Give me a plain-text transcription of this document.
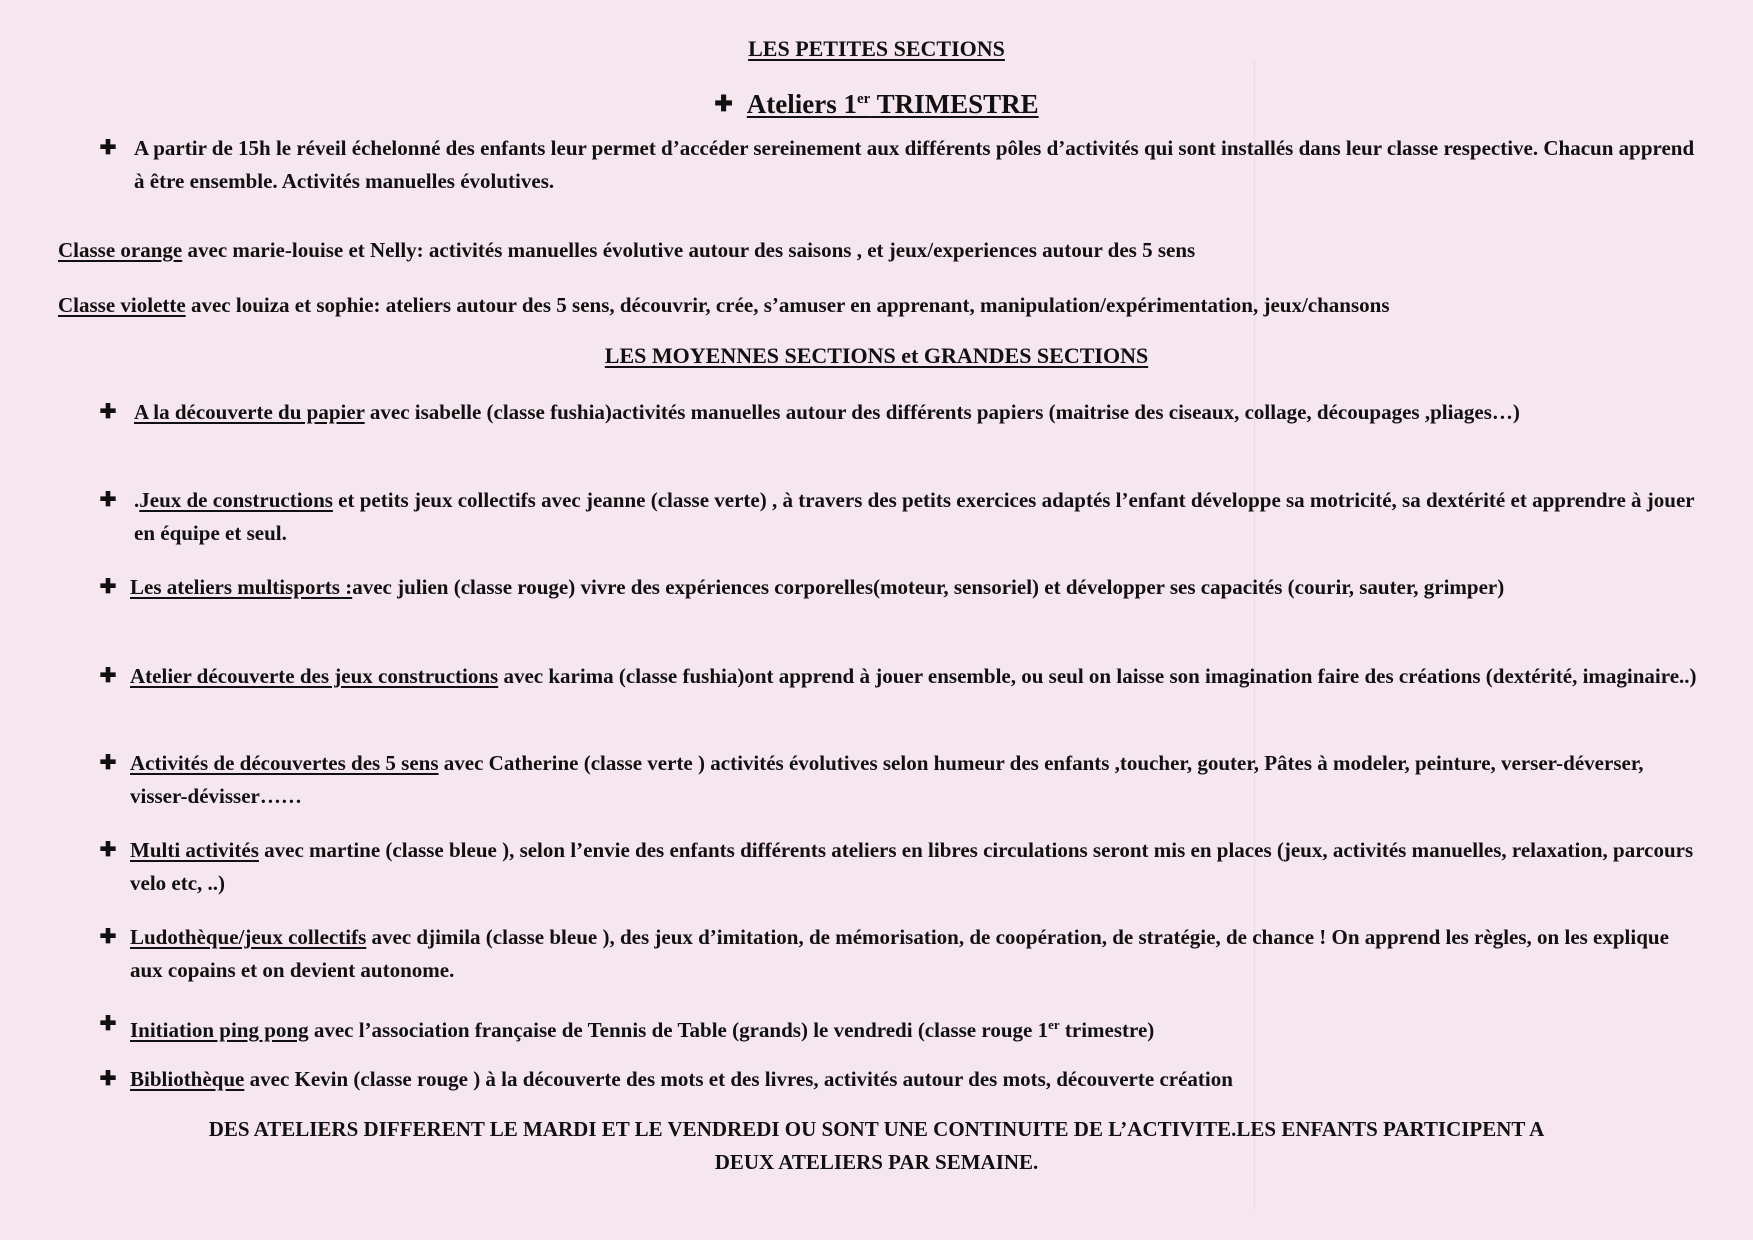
LES PETITES SECTIONS
✚ Ateliers 1er TRIMESTRE
✚ A partir de 15h le réveil échelonné des enfants leur permet d’accéder sereinement aux différents pôles d’activités qui sont installés dans leur classe respective. Chacun apprend à être ensemble. Activités manuelles évolutives.
Classe orange avec marie-louise et Nelly: activités manuelles évolutive autour des saisons , et jeux/experiences autour des 5 sens
Classe violette avec louiza et sophie: ateliers autour des 5 sens, découvrir, crée, s’amuser en apprenant, manipulation/expérimentation, jeux/chansons
LES MOYENNES SECTIONS et GRANDES SECTIONS
✚ A la découverte du papier avec isabelle (classe fushia)activités manuelles autour des différents papiers (maitrise des ciseaux, collage, découpages ,pliages…)
✚ .Jeux de constructions et petits jeux collectifs avec jeanne (classe verte) , à travers des petits exercices adaptés l’enfant développe sa motricité, sa dextérité et apprendre à jouer en équipe et seul.
✚ Les ateliers multisports :avec julien (classe rouge) vivre des expériences corporelles(moteur, sensoriel) et développer ses capacités (courir, sauter, grimper)
✚ Atelier découverte des jeux constructions avec karima (classe fushia)ont apprend à jouer ensemble, ou seul on laisse son imagination faire des créations (dextérité, imaginaire..)
✚ Activités de découvertes des 5 sens avec Catherine (classe verte ) activités évolutives selon humeur des enfants ,toucher, gouter, Pâtes à modeler, peinture, verser-déverser, visser-dévisser……
✚ Multi activités avec martine (classe bleue ), selon l’envie des enfants différents ateliers en libres circulations seront mis en places (jeux, activités manuelles, relaxation, parcours velo etc, ..)
✚ Ludothèque/jeux collectifs avec djimila (classe bleue ), des jeux d’imitation, de mémorisation, de coopération, de stratégie, de chance ! On apprend les règles, on les explique aux copains et on devient autonome.
✚ Initiation ping pong avec l’association française de Tennis de Table (grands) le vendredi (classe rouge 1er trimestre)
✚ Bibliothèque avec Kevin (classe rouge ) à la découverte des mots et des livres, activités autour des mots, découverte création
DES ATELIERS DIFFERENT LE MARDI ET LE VENDREDI OU SONT UNE CONTINUITE DE L’ACTIVITE.LES ENFANTS PARTICIPENT A
DEUX ATELIERS PAR SEMAINE.
